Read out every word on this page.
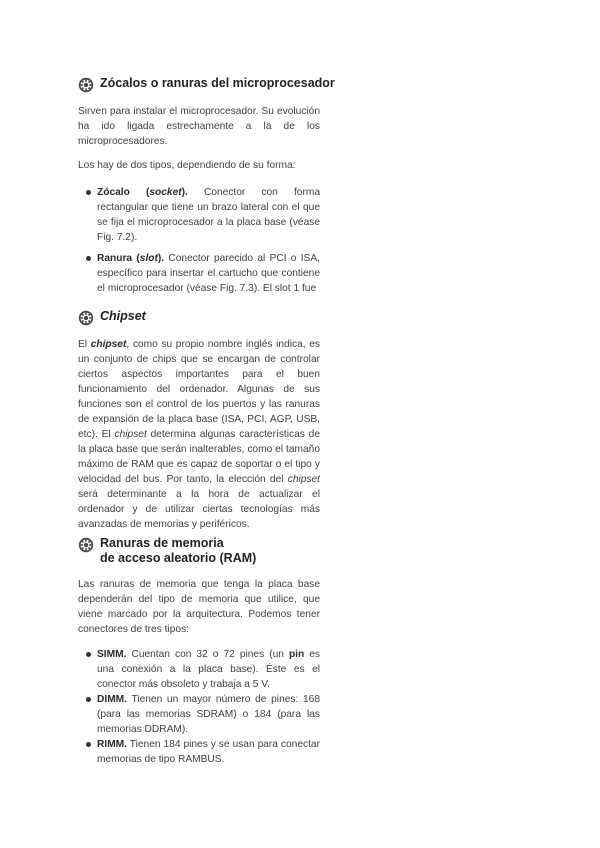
Zócalos o ranuras del microprocesador

Sirven para instalar el microprocesador. Su evolución ha ido ligada estrechamente a la de los microprocesadores.

Los hay de dos tipos, dependiendo de su forma:

Zócalo (socket). Conector con forma rectangular que tiene un brazo lateral con el que se fija el microprocesador a la placa base (véase Fig. 7.2).
Ranura (slot). Conector parecido al PCI o ISA, específico para insertar el cartucho que contiene el microprocesador (véase Fig. 7.3). El slot 1 fue
Chipset

El chipset, como su propio nombre inglés indica, es un conjunto de chips que se encargan de controlar ciertos aspectos importantes para el buen funcionamiento del ordenador. Algunas de sus funciones son el control de los puertos y las ranuras de expansión de la placa base (ISA, PCI, AGP, USB, etc). El chipset determina algunas características de la placa base que serán inalterables, como el tamaño máximo de RAM que es capaz de soportar o el tipo y velocidad del bus. Por tanto, la elección del chipset será determinante a la hora de actualizar el ordenador y de utilizar ciertas tecnologías más avanzadas de memorias y periféricos.

Ranuras de memoria
de acceso aleatorio (RAM)

Las ranuras de memoria que tenga la placa base dependerán del tipo de memoria que utilice, que viene marcado por la arquitectura. Podemos tener conectores de tres tipos:

SIMM. Cuentan con 32 o 72 pines (un pin es una conexión a la placa base). Éste es el conector más obsoleto y trabaja a 5 V.
DIMM. Tienen un mayor número de pines: 168 (para las memorias SDRAM) o 184 (para las memorias DDRAM).
RIMM. Tienen 184 pines y se usan para conectar memorias de tipo RAMBUS.
